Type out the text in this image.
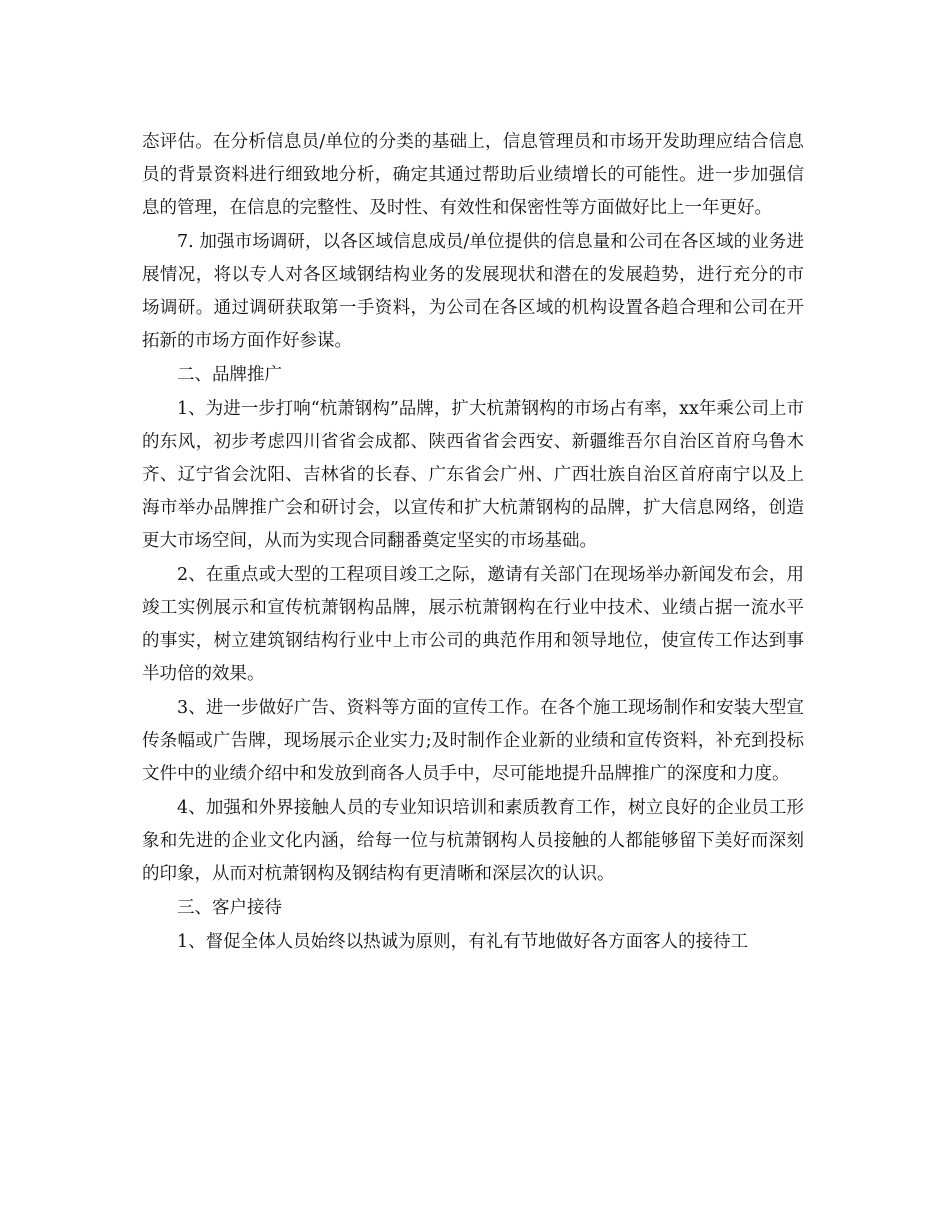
态评估。在分析信息员/单位的分类的基础上，信息管理员和市场开发助理应结合信息员的背景资料进行细致地分析，确定其通过帮助后业绩增长的可能性。进一步加强信息的管理，在信息的完整性、及时性、有效性和保密性等方面做好比上一年更好。

7. 加强市场调研，以各区域信息成员/单位提供的信息量和公司在各区域的业务进展情况，将以专人对各区域钢结构业务的发展现状和潜在的发展趋势，进行充分的市场调研。通过调研获取第一手资料，为公司在各区域的机构设置各趋合理和公司在开拓新的市场方面作好参谋。

二、品牌推广

1、为进一步打响“杭萧钢构”品牌，扩大杭萧钢构的市场占有率，xx年乘公司上市的东风，初步考虑四川省省会成都、陕西省省会西安、新疆维吾尔自治区首府乌鲁木齐、辽宁省会沈阳、吉林省的长春、广东省会广州、广西壮族自治区首府南宁以及上海市举办品牌推广会和研讨会，以宣传和扩大杭萧钢构的品牌，扩大信息网络，创造更大市场空间，从而为实现合同翻番奠定坚实的市场基础。

2、在重点或大型的工程项目竣工之际，邀请有关部门在现场举办新闻发布会，用竣工实例展示和宣传杭萧钢构品牌，展示杭萧钢构在行业中技术、业绩占据一流水平的事实，树立建筑钢结构行业中上市公司的典范作用和领导地位，使宣传工作达到事半功倍的效果。

3、进一步做好广告、资料等方面的宣传工作。在各个施工现场制作和安装大型宣传条幅或广告牌，现场展示企业实力;及时制作企业新的业绩和宣传资料，补充到投标文件中的业绩介绍中和发放到商各人员手中，尽可能地提升品牌推广的深度和力度。

4、加强和外界接触人员的专业知识培训和素质教育工作，树立良好的企业员工形象和先进的企业文化内涵，给每一位与杭萧钢构人员接触的人都能够留下美好而深刻的印象，从而对杭萧钢构及钢结构有更清晰和深层次的认识。

三、客户接待

1、督促全体人员始终以热诚为原则，有礼有节地做好各方面客人的接待工
